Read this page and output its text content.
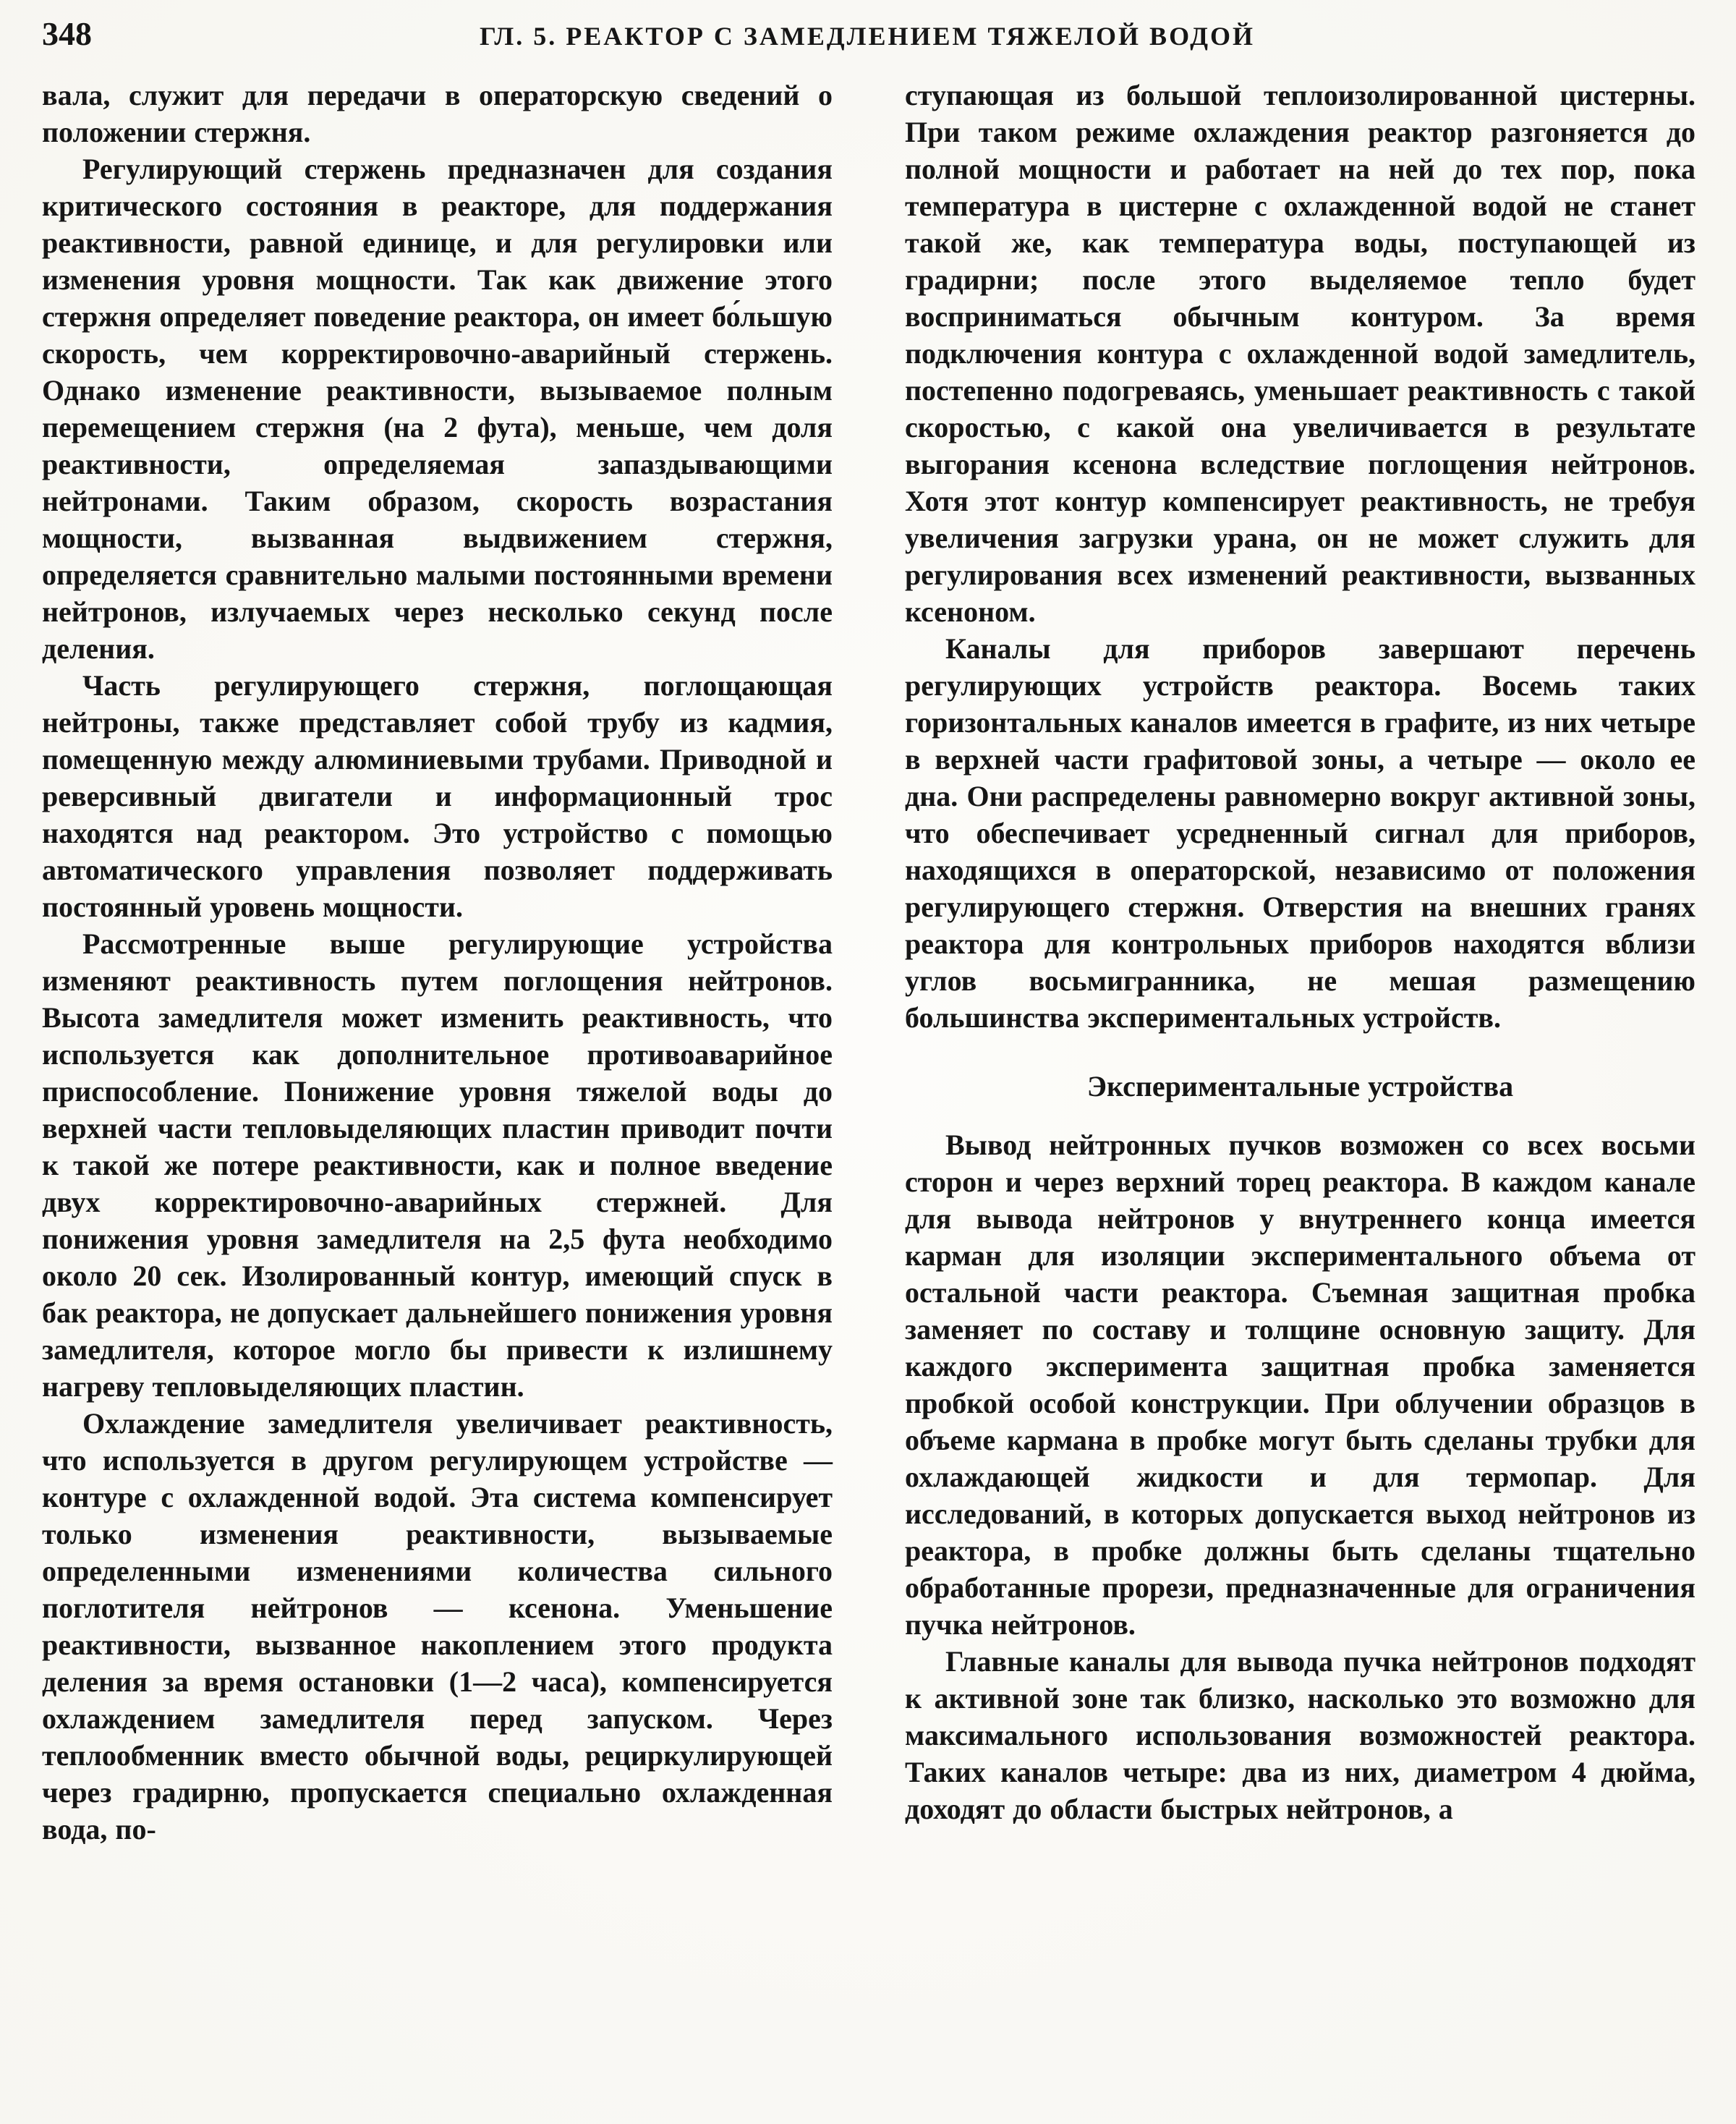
348	ГЛ. 5. РЕАКТОР С ЗАМЕДЛЕНИЕМ ТЯЖЕЛОЙ ВОДОЙ

вала, служит для передачи в операторскую сведений о положении стержня.

Регулирующий стержень предназначен для создания критического состояния в реакторе, для поддержания реактивности, равной единице, и для регулировки или изменения уровня мощности. Так как движение этого стержня определяет поведение реактора, он имеет бо́льшую скорость, чем корректировочно-аварийный стержень. Однако изменение реактивности, вызываемое полным перемещением стержня (на 2 фута), меньше, чем доля реактивности, определяемая запаздывающими нейтронами. Таким образом, скорость возрастания мощности, вызванная выдвижением стержня, определяется сравнительно малыми постоянными времени нейтронов, излучаемых через несколько секунд после деления.

Часть регулирующего стержня, поглощающая нейтроны, также представляет собой трубу из кадмия, помещенную между алюминиевыми трубами. Приводной и реверсивный двигатели и информационный трос находятся над реактором. Это устройство с помощью автоматического управления позволяет поддерживать постоянный уровень мощности.

Рассмотренные выше регулирующие устройства изменяют реактивность путем поглощения нейтронов. Высота замедлителя может изменить реактивность, что используется как дополнительное противоаварийное приспособление. Понижение уровня тяжелой воды до верхней части тепловыделяющих пластин приводит почти к такой же потере реактивности, как и полное введение двух корректировочно-аварийных стержней. Для понижения уровня замедлителя на 2,5 фута необходимо около 20 сек. Изолированный контур, имеющий спуск в бак реактора, не допускает дальнейшего понижения уровня замедлителя, которое могло бы привести к излишнему нагреву тепловыделяющих пластин.

Охлаждение замедлителя увеличивает реактивность, что используется в другом регулирующем устройстве — контуре с охлажденной водой. Эта система компенсирует только изменения реактивности, вызываемые определенными изменениями количества сильного поглотителя нейтронов — ксенона. Уменьшение реактивности, вызванное накоплением этого продукта деления за время остановки (1—2 часа), компенсируется охлаждением замедлителя перед запуском. Через теплообменник вместо обычной воды, рециркулирующей через градирню, пропускается специально охлажденная вода, по-

ступающая из большой теплоизолированной цистерны. При таком режиме охлаждения реактор разгоняется до полной мощности и работает на ней до тех пор, пока температура в цистерне с охлажденной водой не станет такой же, как температура воды, поступающей из градирни; после этого выделяемое тепло будет восприниматься обычным контуром. За время подключения контура с охлажденной водой замедлитель, постепенно подогреваясь, уменьшает реактивность с такой скоростью, с какой она увеличивается в результате выгорания ксенона вследствие поглощения нейтронов. Хотя этот контур компенсирует реактивность, не требуя увеличения загрузки урана, он не может служить для регулирования всех изменений реактивности, вызванных ксеноном.

Каналы для приборов завершают перечень регулирующих устройств реактора. Восемь таких горизонтальных каналов имеется в графите, из них четыре в верхней части графитовой зоны, а четыре — около ее дна. Они распределены равномерно вокруг активной зоны, что обеспечивает усредненный сигнал для приборов, находящихся в операторской, независимо от положения регулирующего стержня. Отверстия на внешних гранях реактора для контрольных приборов находятся вблизи углов восьмигранника, не мешая размещению большинства экспериментальных устройств.

Экспериментальные устройства

Вывод нейтронных пучков возможен со всех восьми сторон и через верхний торец реактора. В каждом канале для вывода нейтронов у внутреннего конца имеется карман для изоляции экспериментального объема от остальной части реактора. Съемная защитная пробка заменяет по составу и толщине основную защиту. Для каждого эксперимента защитная пробка заменяется пробкой особой конструкции. При облучении образцов в объеме кармана в пробке могут быть сделаны трубки для охлаждающей жидкости и для термопар. Для исследований, в которых допускается выход нейтронов из реактора, в пробке должны быть сделаны тщательно обработанные прорези, предназначенные для ограничения пучка нейтронов.

Главные каналы для вывода пучка нейтронов подходят к активной зоне так близко, насколько это возможно для максимального использования возможностей реактора. Таких каналов четыре: два из них, диаметром 4 дюйма, доходят до области быстрых нейтронов, а
